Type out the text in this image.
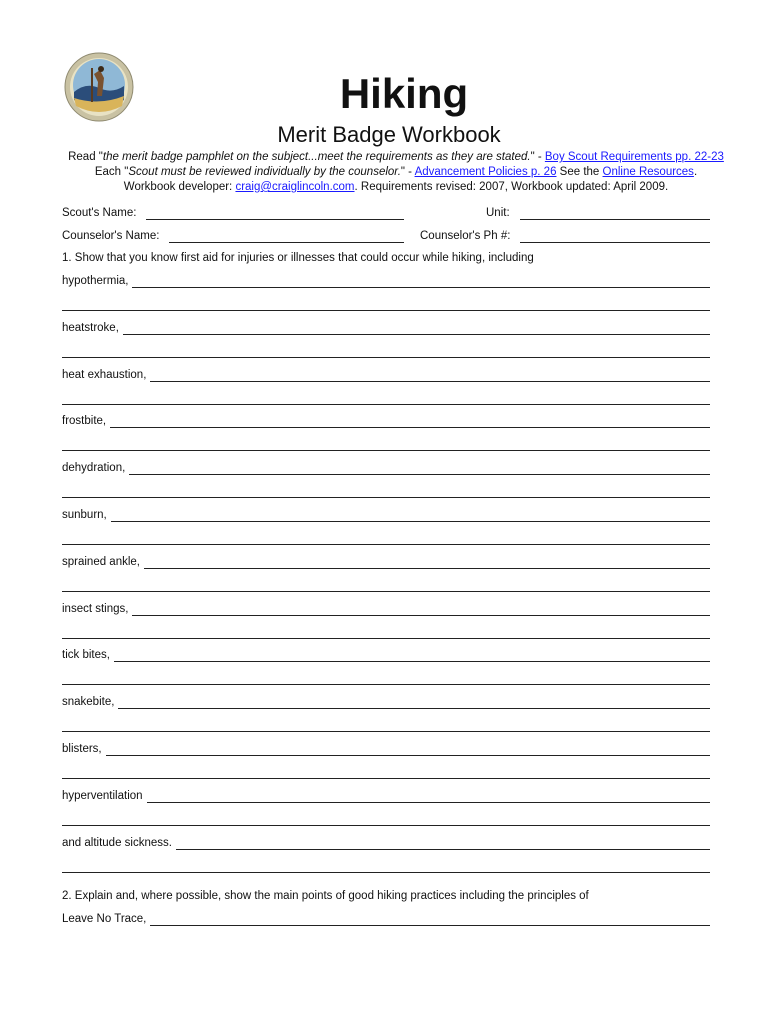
Hiking
Merit Badge Workbook
Read "the merit badge pamphlet on the subject...meet the requirements as they are stated." - Boy Scout Requirements pp. 22-23
Each "Scout must be reviewed individually by the counselor." - Advancement Policies p. 26 See the Online Resources.
Workbook developer: craig@craiglincoln.com. Requirements revised: 2007, Workbook updated: April 2009.
Scout's Name:	Unit:
Counselor's Name:	Counselor's Ph #:
1. Show that you know first aid for injuries or illnesses that could occur while hiking, including
hypothermia,
heatstroke,
heat exhaustion,
frostbite,
dehydration,
sunburn,
sprained ankle,
insect stings,
tick bites,
snakebite,
blisters,
hyperventilation
and altitude sickness.
2. Explain and, where possible, show the main points of good hiking practices including the principles of
Leave No Trace,
